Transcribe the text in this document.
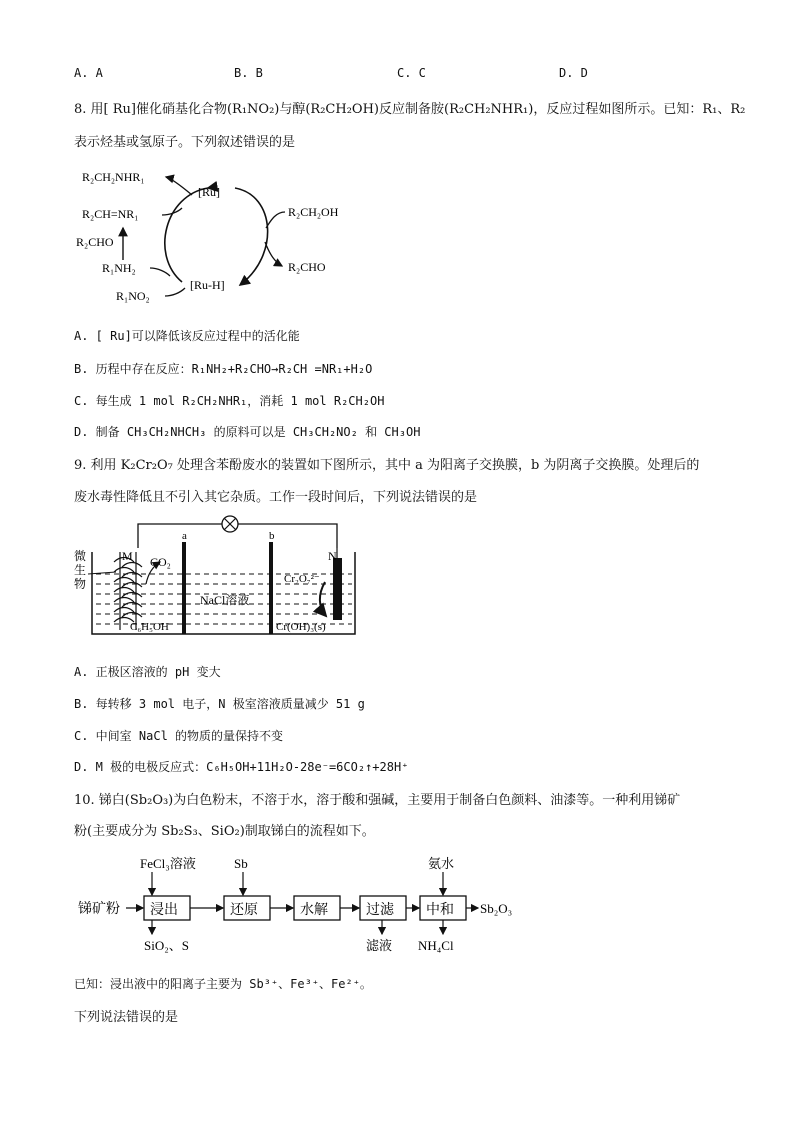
A. A	B. B	C. C	D. D
8. 用[ Ru]催化硝基化合物(R₁NO₂)与醇(R₂CH₂OH)反应制备胺(R₂CH₂NHR₁)，反应过程如图所示。已知：R₁、R₂
表示烃基或氢原子。下列叙述错误的是
[Ru]
[Ru-H]
R₂CH₂NHR₁
R₂CH=NR₁
R₂CHO
R₁NH₂
R₁NO₂
R₂CH₂OH
R₂CHO
A. [ Ru]可以降低该反应过程中的活化能
B. 历程中存在反应：R₁NH₂+R₂CHO→R₂CH =NR₁+H₂O
C. 每生成 1 mol R₂CH₂NHR₁，消耗 1 mol R₂CH₂OH
D. 制备 CH₃CH₂NHCH₃ 的原料可以是 CH₃CH₂NO₂ 和 CH₃OH
9. 利用 K₂Cr₂O₇ 处理含苯酚废水的装置如下图所示，其中 a 为阳离子交换膜，b 为阴离子交换膜。处理后的
废水毒性降低且不引入其它杂质。工作一段时间后，下列说法错误的是
微
生
物
M	N
a	b
CO₂
C₆H₅OH
NaCl溶液
Cr₂O₇²⁻
Cr(OH)₃(s)
A. 正极区溶液的 pH 变大
B. 每转移 3 mol 电子，N 极室溶液质量减少 51 g
C. 中间室 NaCl 的物质的量保持不变
D. M 极的电极反应式：C₆H₅OH+11H₂O-28e⁻=6CO₂↑+28H⁺
10. 锑白(Sb₂O₃)为白色粉末，不溶于水，溶于酸和强碱，主要用于制备白色颜料、油漆等。一种利用锑矿
粉(主要成分为 Sb₂S₃、SiO₂)制取锑白的流程如下。
锑矿粉 浸出	还原	水解	过滤 中和
FeCl₃溶液	Sb	氨水
SiO₂、S	滤液 NH₄Cl
Sb₂O₃
已知：浸出液中的阳离子主要为 Sb³⁺、Fe³⁺、Fe²⁺。
下列说法错误的是
